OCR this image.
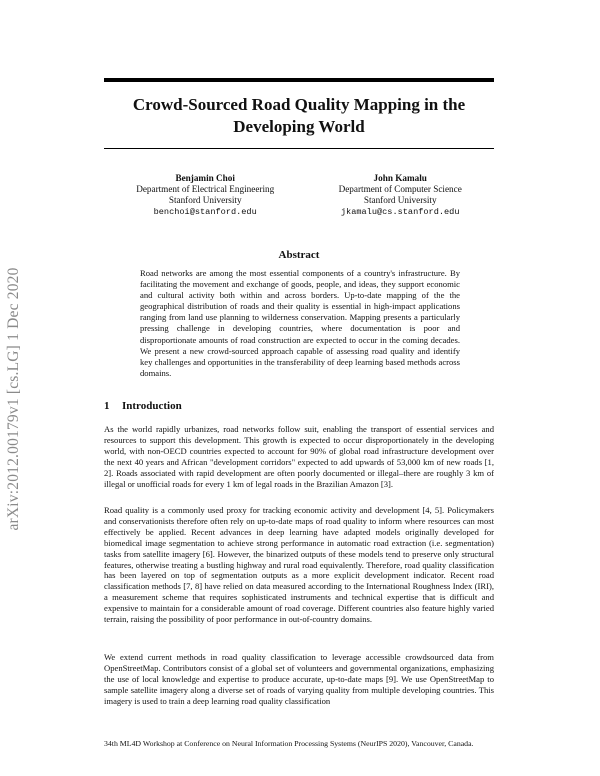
arXiv:2012.00179v1 [cs.LG] 1 Dec 2020
Crowd-Sourced Road Quality Mapping in the Developing World
Benjamin Choi
Department of Electrical Engineering
Stanford University
benchoi@stanford.edu
John Kamalu
Department of Computer Science
Stanford University
jkamalu@cs.stanford.edu
Abstract

Road networks are among the most essential components of a country's infrastructure. By facilitating the movement and exchange of goods, people, and ideas, they support economic and cultural activity both within and across borders. Up-to-date mapping of the the geographical distribution of roads and their quality is essential in high-impact applications ranging from land use planning to wilderness conservation. Mapping presents a particularly pressing challenge in developing countries, where documentation is poor and disproportionate amounts of road construction are expected to occur in the coming decades. We present a new crowd-sourced approach capable of assessing road quality and identify key challenges and opportunities in the transferability of deep learning based methods across domains.

1 Introduction

As the world rapidly urbanizes, road networks follow suit, enabling the transport of essential services and resources to support this development. This growth is expected to occur disproportionately in the developing world, with non-OECD countries expected to account for 90% of global road infrastructure development over the next 40 years and African "development corridors" expected to add upwards of 53,000 km of new roads [1, 2]. Roads associated with rapid development are often poorly documented or illegal–there are roughly 3 km of illegal or unofficial roads for every 1 km of legal roads in the Brazilian Amazon [3].

Road quality is a commonly used proxy for tracking economic activity and development [4, 5]. Policymakers and conservationists therefore often rely on up-to-date maps of road quality to inform where resources can most effectively be applied. Recent advances in deep learning have adapted models originally developed for biomedical image segmentation to achieve strong performance in automatic road extraction (i.e. segmentation) tasks from satellite imagery [6]. However, the binarized outputs of these models tend to preserve only structural features, otherwise treating a bustling highway and rural road equivalently. Therefore, road quality classification has been layered on top of segmentation outputs as a more explicit development indicator. Recent road classification methods [7, 8] have relied on data measured according to the International Roughness Index (IRI), a measurement scheme that requires sophisticated instruments and technical expertise that is difficult and expensive to maintain for a considerable amount of road coverage. Different countries also feature highly varied terrain, raising the possibility of poor performance in out-of-country domains.

We extend current methods in road quality classification to leverage accessible crowdsourced data from OpenStreetMap. Contributors consist of a global set of volunteers and governmental organizations, emphasizing the use of local knowledge and expertise to produce accurate, up-to-date maps [9]. We use OpenStreetMap to sample satellite imagery along a diverse set of roads of varying quality from multiple developing countries. This imagery is used to train a deep learning road quality classification

34th ML4D Workshop at Conference on Neural Information Processing Systems (NeurIPS 2020), Vancouver, Canada.
